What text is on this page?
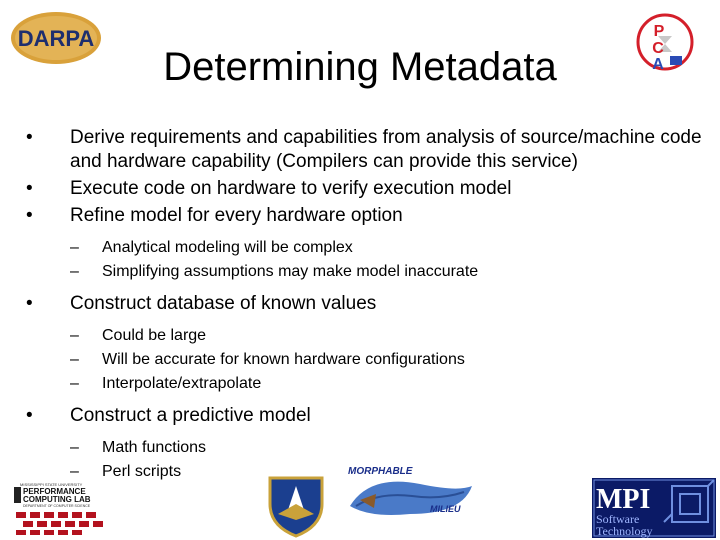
DARPA	P
C
A
Determining Metadata
•	Derive requirements and capabilities from analysis of source/machine code and hardware capability (Compilers can provide this service)
•	Execute code on hardware to verify execution model
•	Refine model for every hardware option
–	Analytical modeling will be complex
–	Simplifying assumptions may make model inaccurate
•	Construct database of known values
–	Could be large
–	Will be accurate for known hardware configurations
–	Interpolate/extrapolate
•	Construct a predictive model
–	Math functions
–	Perl scripts
MISSISSIPPI STATE UNIVERSITY
PERFORMANCE
COMPUTING LAB
DEPARTMENT OF COMPUTER SCIENCE
MORPHABLE
MILIEU	MPI
Software
Technology
